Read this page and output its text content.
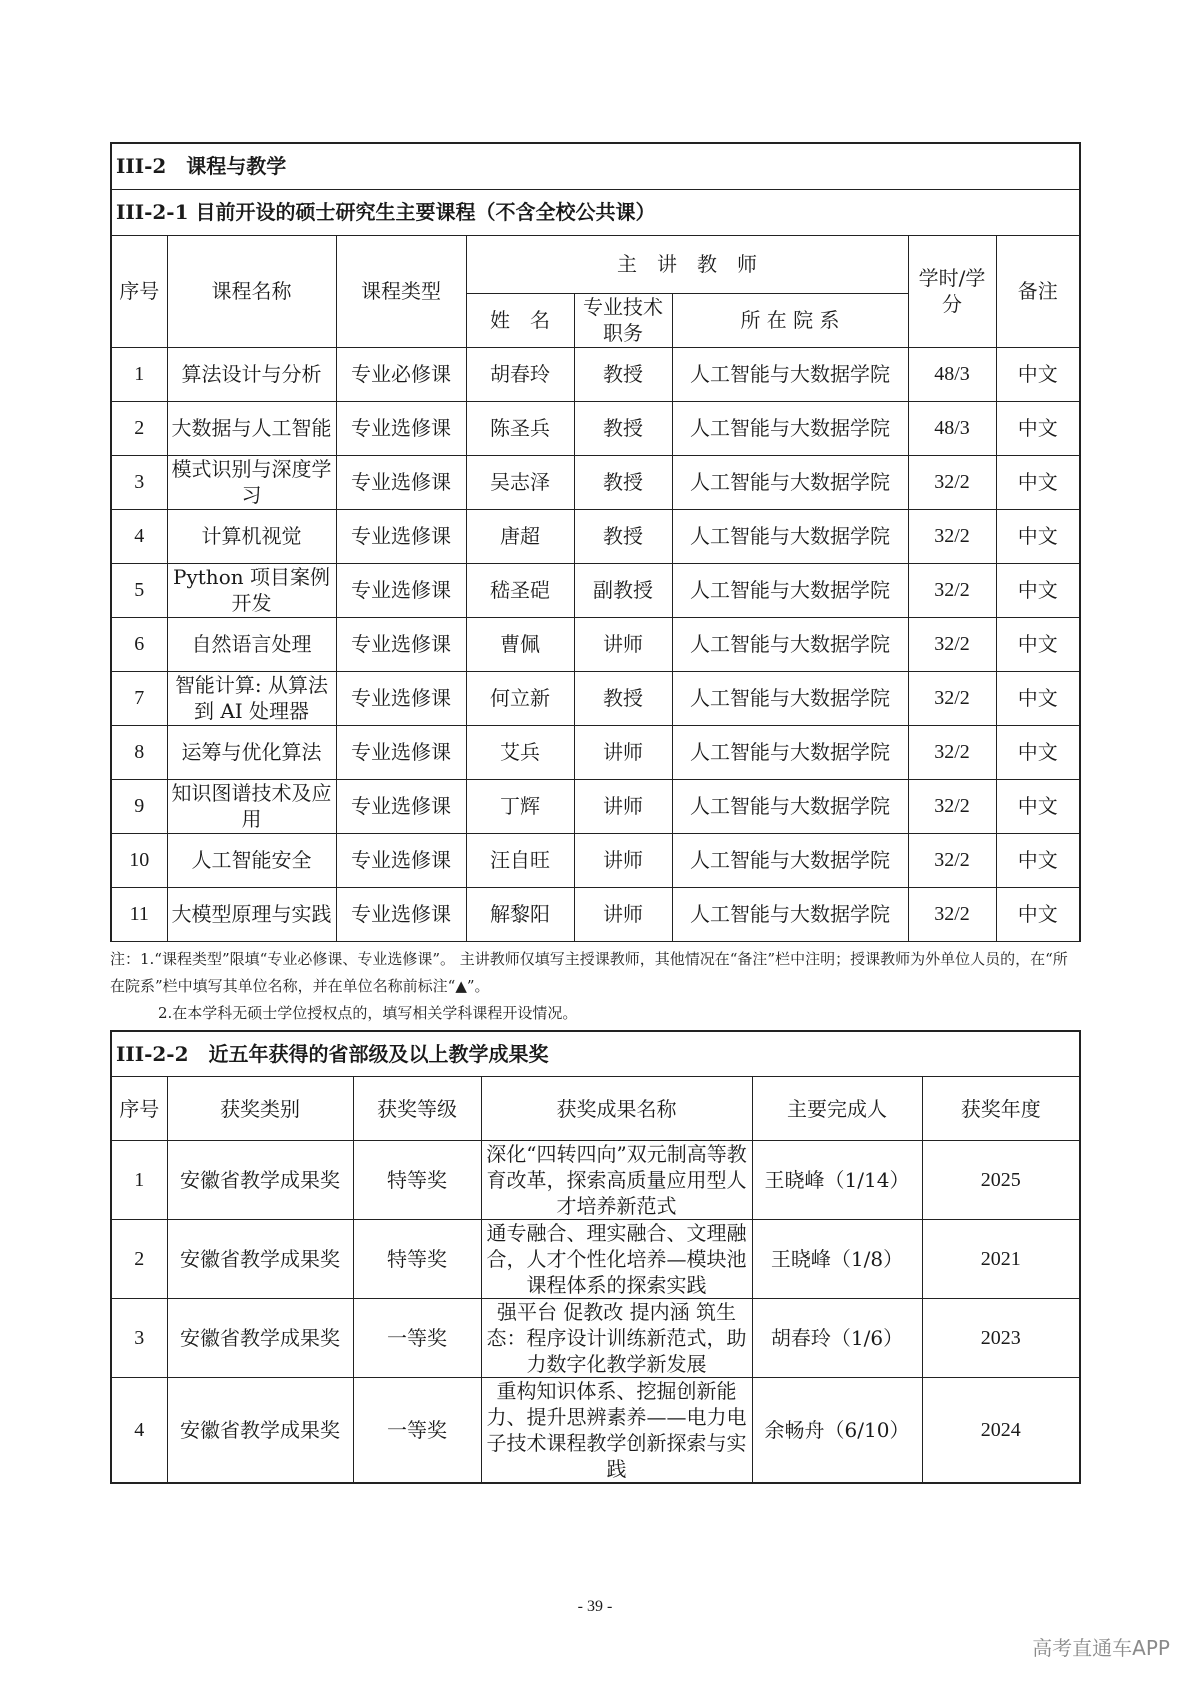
III-2　课程与教学							
III-2-1 目前开设的硕士研究生主要课程（不含全校公共课）							
序号	课程名称	课程类型	主　讲　教　师			学时/学分	备注
			姓　名	专业技术职务	所 在 院 系		
1	算法设计与分析	专业必修课	胡春玲	教授	人工智能与大数据学院	48/3	中文
2	大数据与人工智能	专业选修课	陈圣兵	教授	人工智能与大数据学院	48/3	中文
3	模式识别与深度学习	专业选修课	吴志泽	教授	人工智能与大数据学院	32/2	中文
4	计算机视觉	专业选修课	唐超	教授	人工智能与大数据学院	32/2	中文
5	Python 项目案例开发	专业选修课	嵇圣硙	副教授	人工智能与大数据学院	32/2	中文
6	自然语言处理	专业选修课	曹佩	讲师	人工智能与大数据学院	32/2	中文
7	智能计算: 从算法到 AI 处理器	专业选修课	何立新	教授	人工智能与大数据学院	32/2	中文
8	运筹与优化算法	专业选修课	艾兵	讲师	人工智能与大数据学院	32/2	中文
9	知识图谱技术及应用	专业选修课	丁辉	讲师	人工智能与大数据学院	32/2	中文
10	人工智能安全	专业选修课	汪自旺	讲师	人工智能与大数据学院	32/2	中文
11	大模型原理与实践	专业选修课	解黎阳	讲师	人工智能与大数据学院	32/2	中文

注：1.“课程类型”限填“专业必修课、专业选修课”。 主讲教师仅填写主授课教师，其他情况在“备注”栏中注明；授课教师为外单位人员的，在“所在院系”栏中填写其单位名称，并在单位名称前标注“▲”。

2.在本学科无硕士学位授权点的，填写相关学科课程开设情况。

III-2-2　近五年获得的省部级及以上教学成果奖					
序号	获奖类别	获奖等级	获奖成果名称	主要完成人	获奖年度
1	安徽省教学成果奖	特等奖	深化“四转四向”双元制高等教育改革，探索高质量应用型人才培养新范式	王晓峰（1/14）	2025
2	安徽省教学成果奖	特等奖	通专融合、理实融合、文理融合，人才个性化培养—模块池课程体系的探索实践	王晓峰（1/8）	2021
3	安徽省教学成果奖	一等奖	强平台 促教改 提内涵 筑生态：程序设计训练新范式，助力数字化教学新发展	胡春玲（1/6）	2023
4	安徽省教学成果奖	一等奖	重构知识体系、挖掘创新能力、提升思辨素养——电力电子技术课程教学创新探索与实践	余畅舟（6/10）	2024
- 39 -
高考直通车APP
